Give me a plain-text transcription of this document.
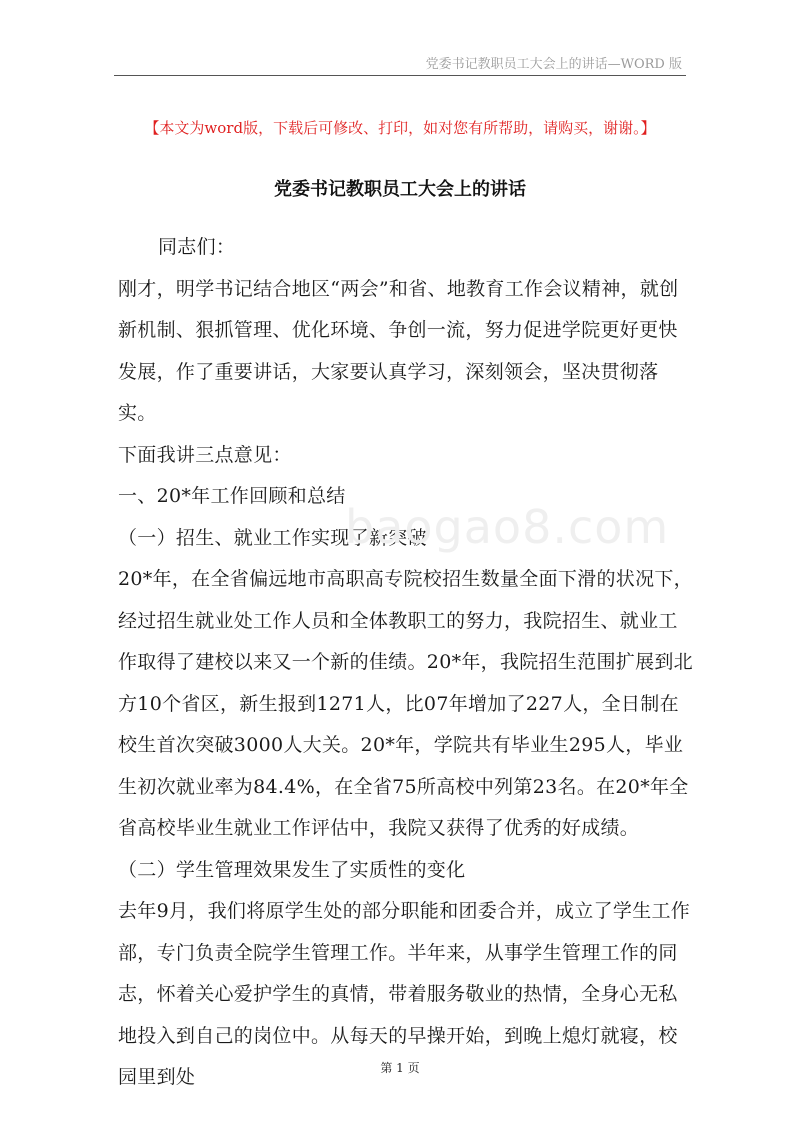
党委书记教职员工大会上的讲话—WORD 版
【本文为word版，下载后可修改、打印，如对您有所帮助，请购买，谢谢。】
党委书记教职员工大会上的讲话

同志们：

刚才，明学书记结合地区“两会”和省、地教育工作会议精神，就创新机制、狠抓管理、优化环境、争创一流，努力促进学院更好更快发展，作了重要讲话，大家要认真学习，深刻领会，坚决贯彻落实。

下面我讲三点意见：

一、20*年工作回顾和总结

（一）招生、就业工作实现了新突破

20*年，在全省偏远地市高职高专院校招生数量全面下滑的状况下，经过招生就业处工作人员和全体教职工的努力，我院招生、就业工作取得了建校以来又一个新的佳绩。20*年，我院招生范围扩展到北方10个省区，新生报到1271人，比07年增加了227人，全日制在校生首次突破3000人大关。20*年，学院共有毕业生295人，毕业生初次就业率为84.4%，在全省75所高校中列第23名。在20*年全省高校毕业生就业工作评估中，我院又获得了优秀的好成绩。

（二）学生管理效果发生了实质性的变化

去年9月，我们将原学生处的部分职能和团委合并，成立了学生工作部，专门负责全院学生管理工作。半年来，从事学生管理工作的同志，怀着关心爱护学生的真情，带着服务敬业的热情，全身心无私地投入到自己的岗位中。从每天的早操开始，到晚上熄灯就寝，校园里到处

baogao8.com
第 1 页
